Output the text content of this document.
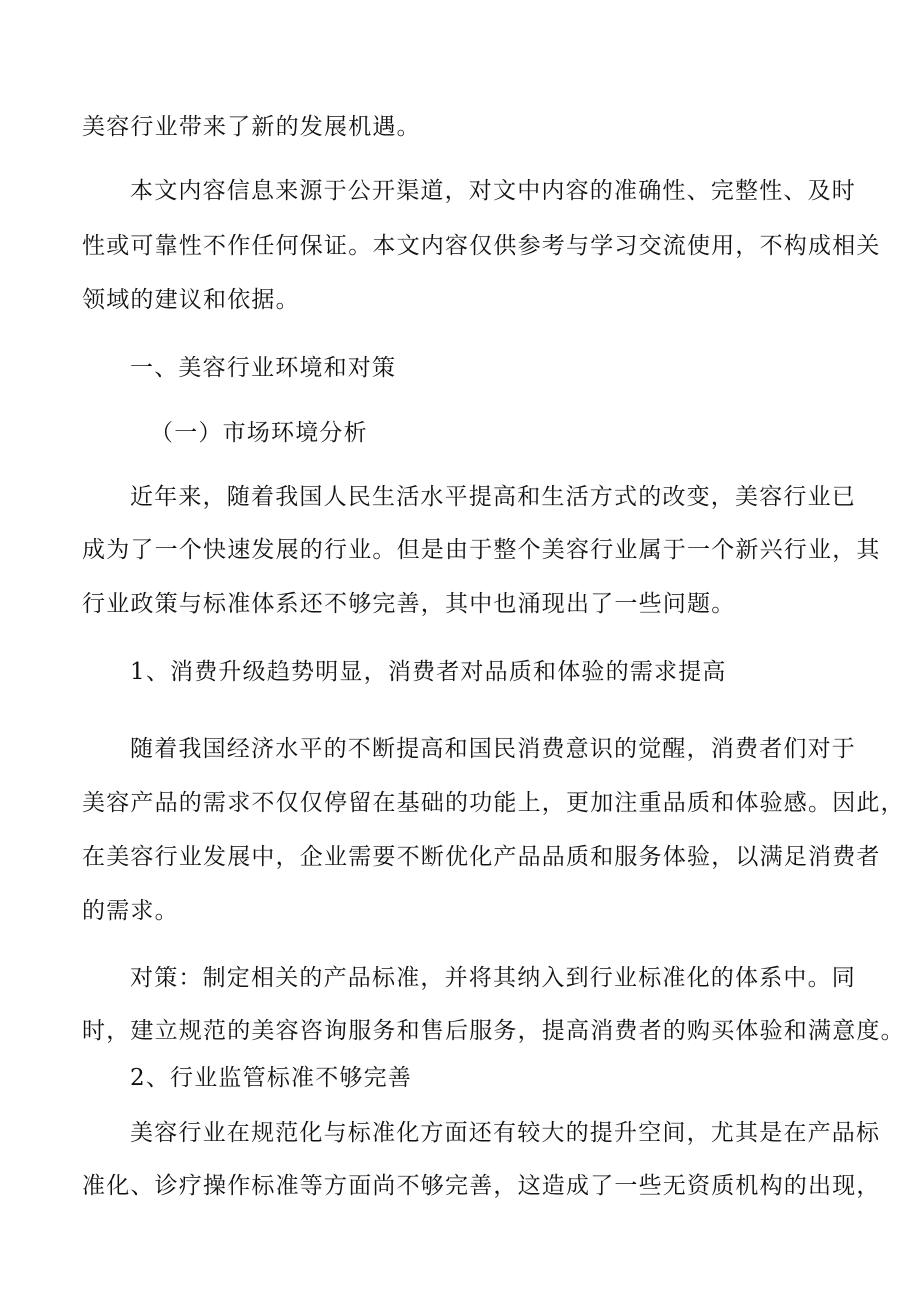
美容行业带来了新的发展机遇。
本文内容信息来源于公开渠道，对文中内容的准确性、完整性、及时
性或可靠性不作任何保证。本文内容仅供参考与学习交流使用，不构成相关
领域的建议和依据。
一、美容行业环境和对策
（一）市场环境分析
近年来，随着我国人民生活水平提高和生活方式的改变，美容行业已
成为了一个快速发展的行业。但是由于整个美容行业属于一个新兴行业，其
行业政策与标准体系还不够完善，其中也涌现出了一些问题。
1、消费升级趋势明显，消费者对品质和体验的需求提高
随着我国经济水平的不断提高和国民消费意识的觉醒，消费者们对于
美容产品的需求不仅仅停留在基础的功能上，更加注重品质和体验感。因此，
在美容行业发展中，企业需要不断优化产品品质和服务体验，以满足消费者
的需求。
对策：制定相关的产品标准，并将其纳入到行业标准化的体系中。同
时，建立规范的美容咨询服务和售后服务，提高消费者的购买体验和满意度。
2、行业监管标准不够完善
美容行业在规范化与标准化方面还有较大的提升空间，尤其是在产品标
准化、诊疗操作标准等方面尚不够完善，这造成了一些无资质机构的出现，
